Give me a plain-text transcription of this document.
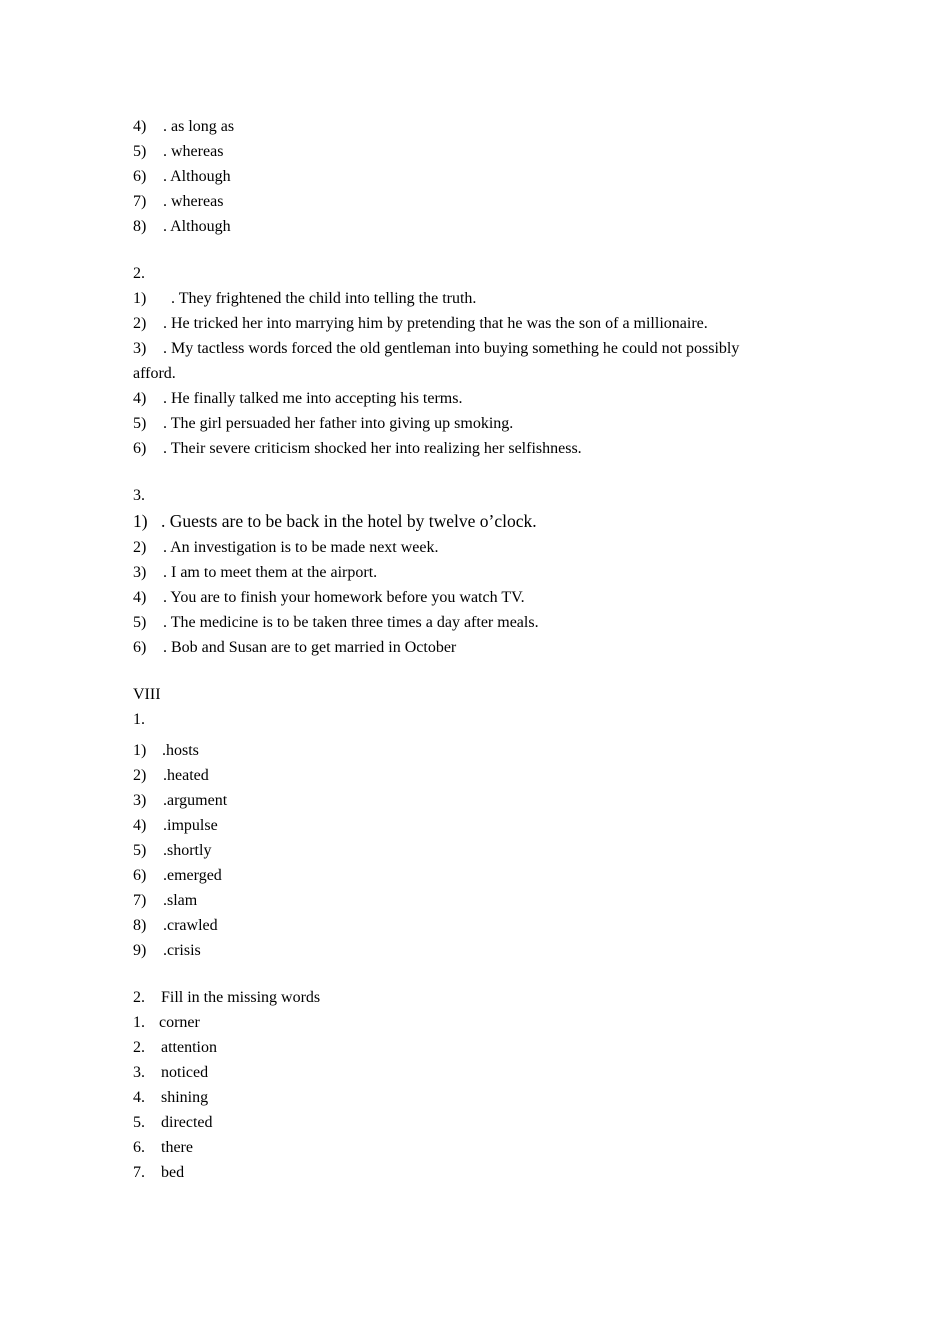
4) . as long as
5) . whereas
6) . Although
7) . whereas
8) . Although
2.
1) . They frightened the child into telling the truth.
2) . He tricked her into marrying him by pretending that he was the son of a millionaire.
3) . My tactless words forced the old gentleman into buying something he could not possibly
afford.
4) . He finally talked me into accepting his terms.
5) . The girl persuaded her father into giving up smoking.
6) . Their severe criticism shocked her into realizing her selfishness.
3.
1) . Guests are to be back in the hotel by twelve o’clock.
2) . An investigation is to be made next week.
3) . I am to meet them at the airport.
4) . You are to finish your homework before you watch TV.
5) . The medicine is to be taken three times a day after meals.
6) . Bob and Susan are to get married in October
VIII
1.
1) .hosts
2) .heated
3) .argument
4) .impulse
5) .shortly
6) .emerged
7) .slam
8) .crawled
9) .crisis
2. Fill in the missing words
1. corner
2. attention
3. noticed
4. shining
5. directed
6. there
7. bed
